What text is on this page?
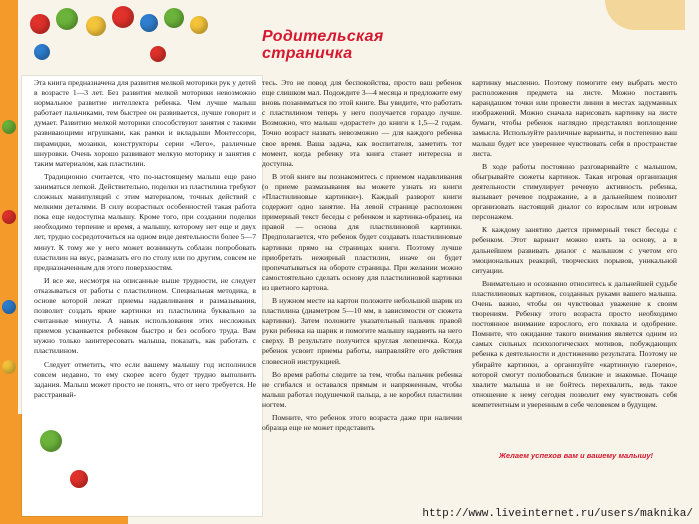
Родительская
страничка

Эта книга предназначена для развития мелкой моторики рук у детей в возрасте 1—3 лет. Без развития мелкой моторики невозможно нормальное развитие интеллекта ребенка. Чем лучше малыш работает пальчиками, тем быстрее он развивается, лучше говорит и думает. Развитию мелкой моторики способствуют занятия с такими развивающими игрушками, как рамки и вкладыши Монтессори, пирамидки, мозаики, конструкторы серии «Лего», различные шнуровки. Очень хорошо развивают мелкую моторику и занятия с таким материалом, как пластилин.

Традиционно считается, что по-настоящему малыш еще рано заниматься лепкой. Действительно, поделки из пластилина требуют сложных манипуляций с этим материалом, точных действий с мелкими деталями. В силу возрастных особенностей такая работа пока еще недоступна малышу. Кроме того, при создании поделки необходимо терпение и время, а малышу, которому нет еще и двух лет, трудно сосредоточиться на одном виде деятельности более 5—7 минут. К тому же у него может возникнуть соблазн попробовать пластилин на вкус, размазать его по столу или по другим, совсем не предназначенным для этого поверхностям.

И все же, несмотря на описанные выше трудности, не следует отказываться от работы с пластилином. Специальная методика, в основе которой лежат приемы надавливания и размазывания, позволит создать яркие картинки из пластилина буквально за считанные минуты. А навык использования этих несложных приемов усваивается ребенком быстро и без особого труда. Вам нужно только заинтересовать малыша, показать, как работать с пластилином.

Следует отметить, что если вашему малышу год исполнился совсем недавно, то ему скорее всего будет трудно выполнить задания. Малыш может просто не понять, что от него требуется. Не расстраивай-

тесь. Это не повод для беспокойства, просто ваш ребенок еще слишком мал. Подождите 3—4 месяца и предложите ему вновь позаниматься по этой книге. Вы увидите, что работать с пластилином теперь у него получается гораздо лучше. Возможно, что малыш «дорастет» до книги к 1,5—2 годам. Точно возраст назвать невозможно — для каждого ребенка свое время. Ваша задача, как воспитателя, заметить тот момент, когда ребенку эта книга станет интересна и доступна.

В этой книге вы познакомитесь с приемом надавливания (о приеме размазывания вы можете узнать из книги «Пластилиновые картинки»). Каждый разворот книги содержит одно занятие. На левой странице расположен примерный текст беседы с ребенком и картинка-образец, на правой — основа для пластилиновой картинки. Предполагается, что ребенок будет создавать пластилиновые картинки прямо на страницах книги. Поэтому лучше приобретать нежирный пластилин, иначе он будет пропечатываться на обороте страницы. При желании можно самостоятельно сделать основу для пластилиновой картинки из цветного картона.

В нужном месте на картон положите небольшой шарик из пластилина (диаметром 5—10 мм, в зависимости от сюжета картинки). Затем положите указательный пальчик правой руки ребенка на шарик и помогите малышу надавить на него сверху. В результате получится круглая лепешечка. Когда ребенок усвоит приемы работы, направляйте его действия словесной инструкцией.

Во время работы следите за тем, чтобы пальчик ребенка не сгибался и оставался прямым и напряженным, чтобы малыш работал подушечкой пальца, а не коробил пластилин ногтем.

Помните, что ребенок этого возраста даже при наличии образца еще не может представить

картинку мысленно. Поэтому помогите ему выбрать место расположения предмета на листе. Можно поставить карандашом точки или провести линии в местах задуманных изображений. Можно сначала нарисовать картинку на листе бумаги, чтобы ребенок наглядно представлял воплощение замысла. Используйте различные варианты, и постепенно ваш малыш будет все увереннее чувствовать себя в пространстве листа.

В ходе работы постоянно разговаривайте с малышом, обыгрывайте сюжеты картинок. Такая игровая организация деятельности стимулирует речевую активность ребенка, вызывает речевое подражание, а в дальнейшем позволит организовать настоящий диалог со взрослым или игровым персонажем.

К каждому занятию дается примерный текст беседы с ребенком. Этот вариант можно взять за основу, а в дальнейшем развивать диалог с малышом с учетом его эмоциональных реакций, творческих порывов, уникальной ситуации.

Внимательно и осознанно относитесь к дальнейшей судьбе пластилиновых картинок, созданных руками вашего малыша. Очень важно, чтобы он чувствовал уважение к своим творениям. Ребенку этого возраста просто необходимо постоянное внимание взрослого, его похвала и одобрение. Помните, что ожидание такого внимания является одним из самых сильных психологических мотивов, побуждающих ребенка к деятельности и достижению результата. Поэтому не убирайте картинки, а организуйте «картинную галерею», которой смогут полюбоваться близкие и знакомые. Почаще хвалите малыша и не бойтесь перехвалить, ведь такое отношение к нему сегодня позволит ему чувствовать себя компетентным и уверенным в себе человеком в будущем.

Желаем успехов вам и вашему малышу!
http://www.liveinternet.ru/users/maknika/
